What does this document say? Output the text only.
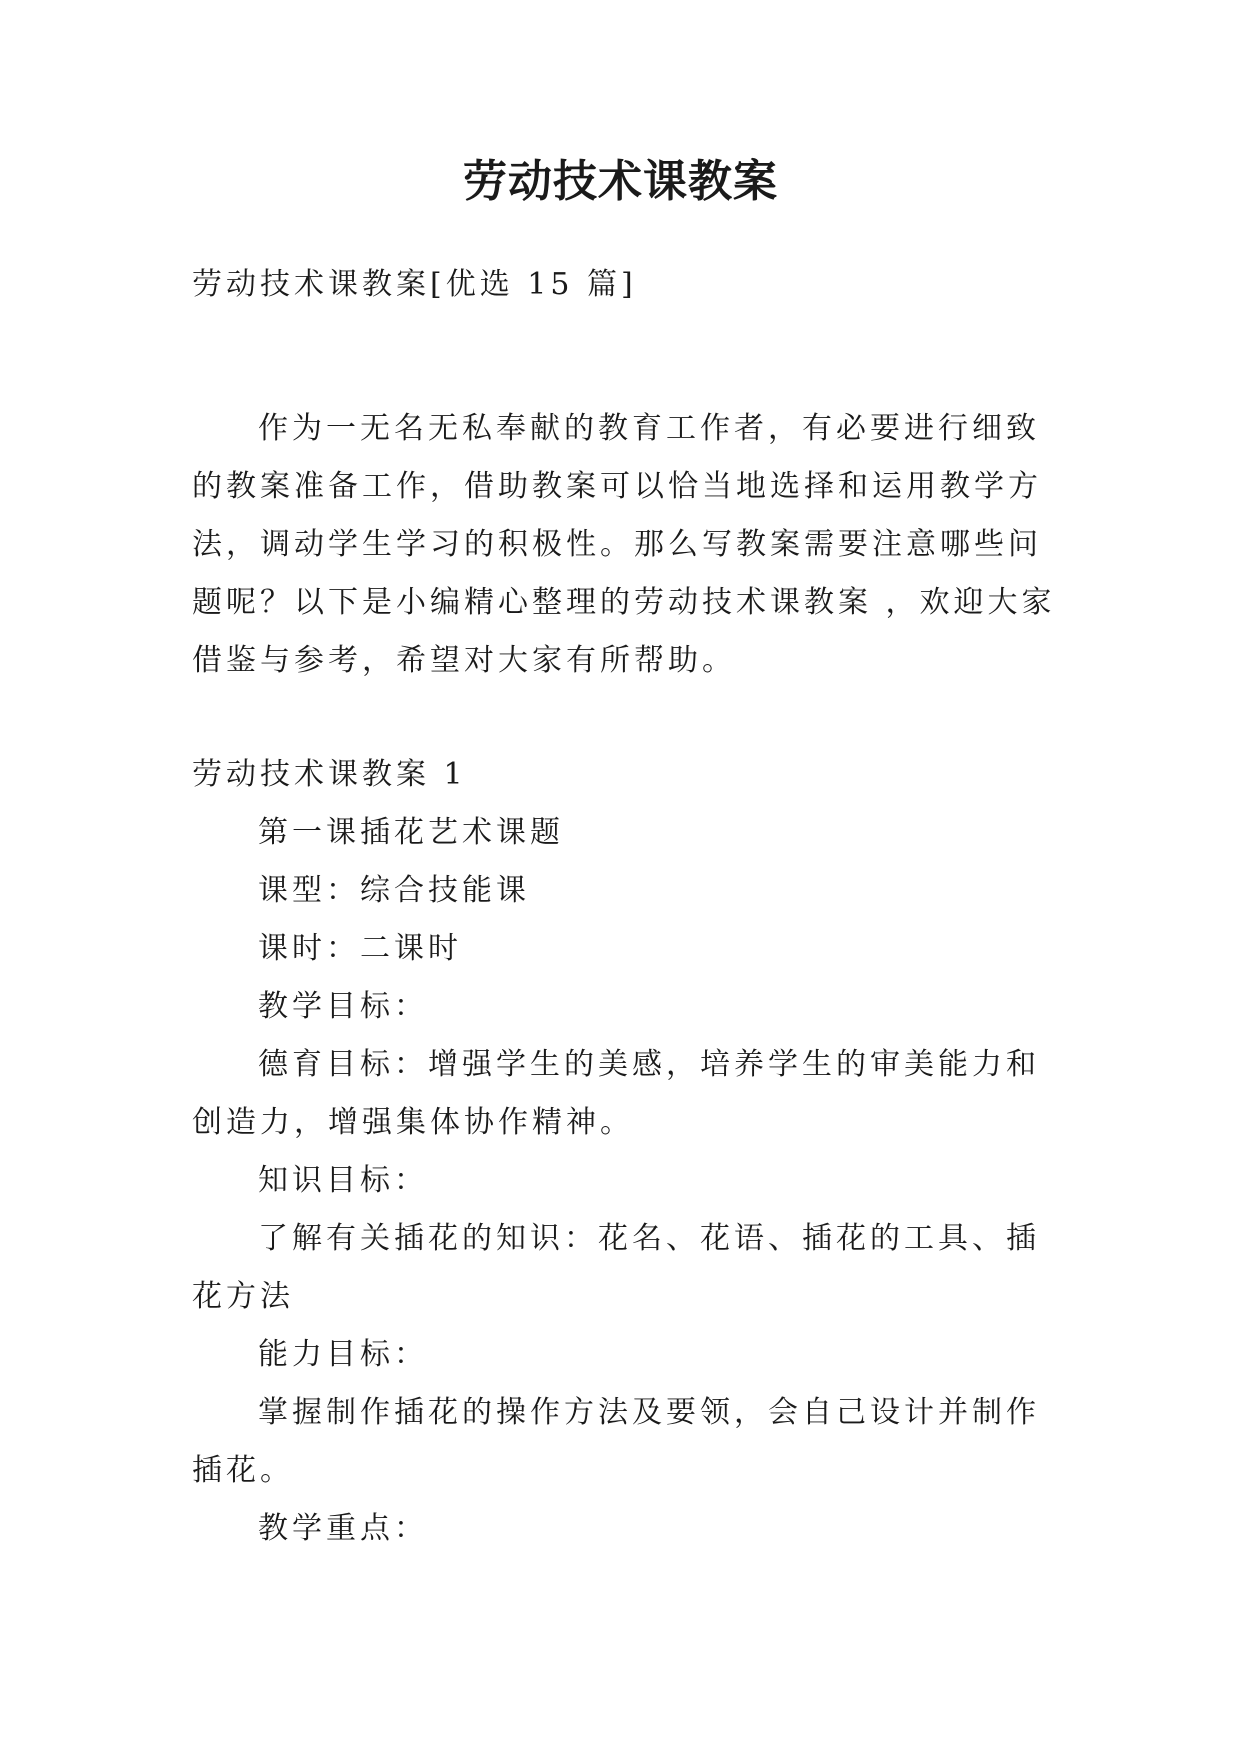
劳动技术课教案

劳动技术课教案[优选 15 篇]

作为一无名无私奉献的教育工作者，有必要进行细致的教案准备工作，借助教案可以恰当地选择和运用教学方法，调动学生学习的积极性。那么写教案需要注意哪些问题呢？以下是小编精心整理的劳动技术课教案 ，欢迎大家借鉴与参考，希望对大家有所帮助。

劳动技术课教案 1

第一课插花艺术课题

课型：综合技能课

课时：二课时

教学目标：

德育目标：增强学生的美感，培养学生的审美能力和创造力，增强集体协作精神。

知识目标：

了解有关插花的知识：花名、花语、插花的工具、插花方法

能力目标：

掌握制作插花的操作方法及要领，会自己设计并制作插花。

教学重点：
